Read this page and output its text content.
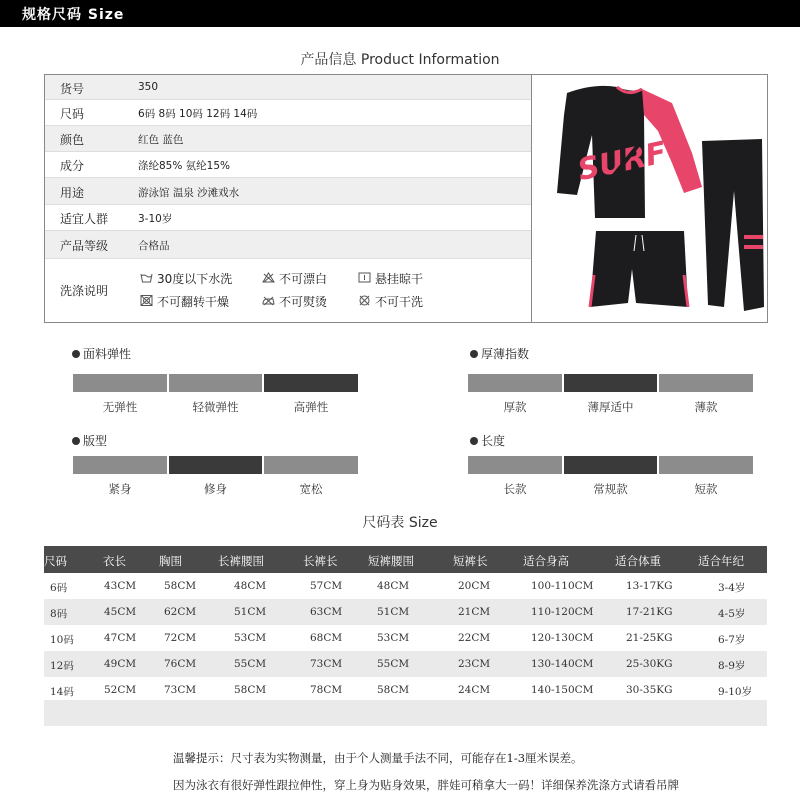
规格尺码 Size
产品信息 Product Information
货号	350
尺码	6码 8码 10码 12码 14码
颜色	红色 蓝色
成分	涤纶85% 氨纶15%
用途	游泳馆 温泉 沙滩戏水
适宜人群	3-10岁
产品等级	合格品
洗涤说明
30度以下水洗	不可漂白	悬挂晾干
不可翻转干燥	不可熨烫	不可干洗
SURF
面料弹性
无弹性	轻微弹性	高弹性
厚薄指数
厚款	薄厚适中	薄款
版型
紧身	修身	宽松
长度
长款	常规款	短款
尺码表 Size
尺码	衣长	胸围	长裤腰围	长裤长	短裤腰围	短裤长	适合身高	适合体重	适合年纪
6码	43CM	58CM	48CM	57CM	48CM	20CM	100-110CM	13-17KG	3-4岁
8码	45CM	62CM	51CM	63CM	51CM	21CM	110-120CM	17-21KG	4-5岁
10码	47CM	72CM	53CM	68CM	53CM	22CM	120-130CM	21-25KG	6-7岁
12码	49CM	76CM	55CM	73CM	55CM	23CM	130-140CM	25-30KG	8-9岁
14码	52CM	73CM	58CM	78CM	58CM	24CM	140-150CM	30-35KG	9-10岁
温馨提示：尺寸表为实物测量，由于个人测量手法不同，可能存在1-3厘米误差。
因为泳衣有很好弹性跟拉伸性，穿上身为贴身效果，胖娃可稍拿大一码！详细保养洗涤方式请看吊牌
